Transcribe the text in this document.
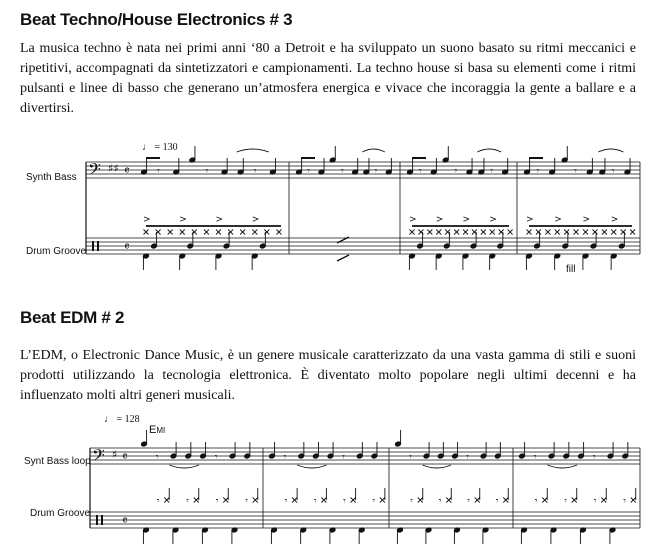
Beat Techno/House Electronics # 3
La musica techno è nata nei primi anni ‘80 a Detroit e ha sviluppato un suono basato su ritmi meccanici e ripetitivi, accompagnati da sintetizzatori e campionamenti. La techno house si basa su elementi come i ritmi pulsanti e linee di basso che generano un’atmosfera energica e vivace che incoraggia la gente a ballare e a divertirsi.
♩ = 130
Synth Bass
Drum Groove
𝄢 ♯♯ 𝄴
𝄴
𝄾	𝄾	𝄾	𝄾	𝄾	𝄾	𝄾	𝄾	𝄾	𝄾	𝄾	𝄾
>	>	>	>	> > > >	> > > >
fill
Beat EDM # 2
L’EDM, o Electronic Dance Music, è un genere musicale caratterizzato da una vasta gamma di stili e suoni prodotti utilizzando la tecnologia elettronica. È diventato molto popolare negli ultimi decenni e ha influenzato molti altri generi musicali.
♩ = 128
Emi
Synt Bass loop
Drum Groove
𝄢 ♯ 𝄴
𝄴
𝄾	𝄾	𝄾	𝄾	𝄾	𝄾	𝄾	𝄾
𝄾	𝄾	𝄾	𝄾	𝄾	𝄾	𝄾	𝄾	𝄾	𝄾	𝄾	𝄾	𝄾	𝄾	𝄾	𝄾
